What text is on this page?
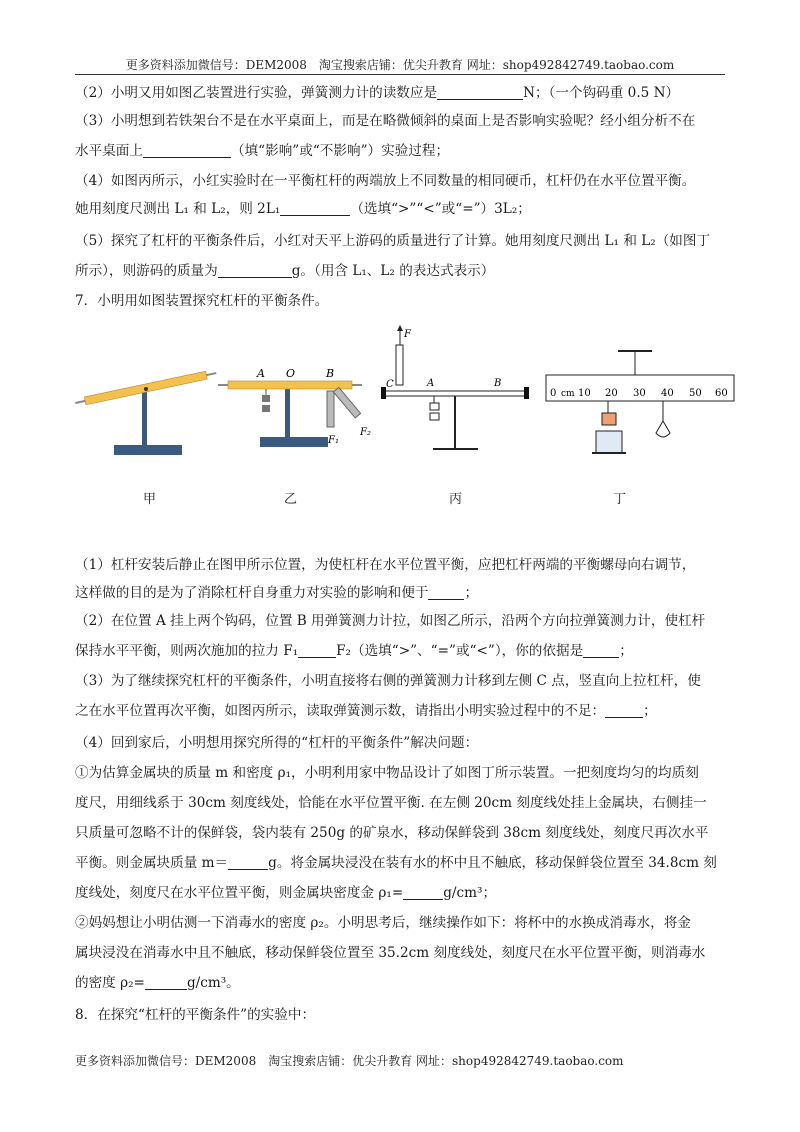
更多资料添加微信号：DEM2008　淘宝搜索店铺：优尖升教育 网址：shop492842749.taobao.com
（2）小明又用如图乙装置进行实验，弹簧测力计的读数应是	N；（一个钩码重 0.5 N）
（3）小明想到若铁架台不是在水平桌面上，而是在略微倾斜的桌面上是否影响实验呢？经小组分析不在
水平桌面上	（填“影响”或“不影响”）实验过程；
（4）如图丙所示，小红实验时在一平衡杠杆的两端放上不同数量的相同硬币，杠杆仍在水平位置平衡。
她用刻度尺测出 L₁ 和 L₂，则 2L₁	（选填“>”“<”或“=”）3L₂；
（5）探究了杠杆的平衡条件后，小红对天平上游码的质量进行了计算。她用刻度尺测出 L₁ 和 L₂（如图丁
所示），则游码的质量为	g。（用含 L₁、L₂ 的表达式表示）
7．小明用如图装置探究杠杆的平衡条件。
A O	B
F₁
F₂
F
C	A	B
0 cm 10 20 30 40 50 60
甲	乙	丙	丁
（1）杠杆安装后静止在图甲所示位置，为使杠杆在水平位置平衡，应把杠杆两端的平衡螺母向右调节，
这样做的目的是为了消除杠杆自身重力对实验的影响和便于	；
（2）在位置 A 挂上两个钩码，位置 B 用弹簧测力计拉，如图乙所示，沿两个方向拉弹簧测力计，使杠杆
保持水平平衡，则两次施加的拉力 F₁	F₂（选填“>”、“=”或“<”），你的依据是	；
（3）为了继续探究杠杆的平衡条件，小明直接将右侧的弹簧测力计移到左侧 C 点，竖直向上拉杠杆，使
之在水平位置再次平衡，如图丙所示，读取弹簧测示数，请指出小明实验过程中的不足：	；
（4）回到家后，小明想用探究所得的“杠杆的平衡条件”解决问题：
①为估算金属块的质量 m 和密度 ρ₁，小明利用家中物品设计了如图丁所示装置。一把刻度均匀的均质刻
度尺，用细线系于 30cm 刻度线处，恰能在水平位置平衡. 在左侧 20cm 刻度线处挂上金属块，右侧挂一
只质量可忽略不计的保鲜袋，袋内装有 250g 的矿泉水，移动保鲜袋到 38cm 刻度线处，刻度尺再次水平
平衡。则金属块质量 m＝	g。将金属块浸没在装有水的杯中且不触底，移动保鲜袋位置至 34.8cm 刻
度线处，刻度尺在水平位置平衡，则金属块密度金 ρ₁=	g/cm³；
②妈妈想让小明估测一下消毒水的密度 ρ₂。小明思考后，继续操作如下：将杯中的水换成消毒水，将金
属块浸没在消毒水中且不触底，移动保鲜袋位置至 35.2cm 刻度线处，刻度尺在水平位置平衡，则消毒水
的密度 ρ₂=	g/cm³。
8．在探究“杠杆的平衡条件”的实验中：
更多资料添加微信号：DEM2008　淘宝搜索店铺：优尖升教育 网址：shop492842749.taobao.com
